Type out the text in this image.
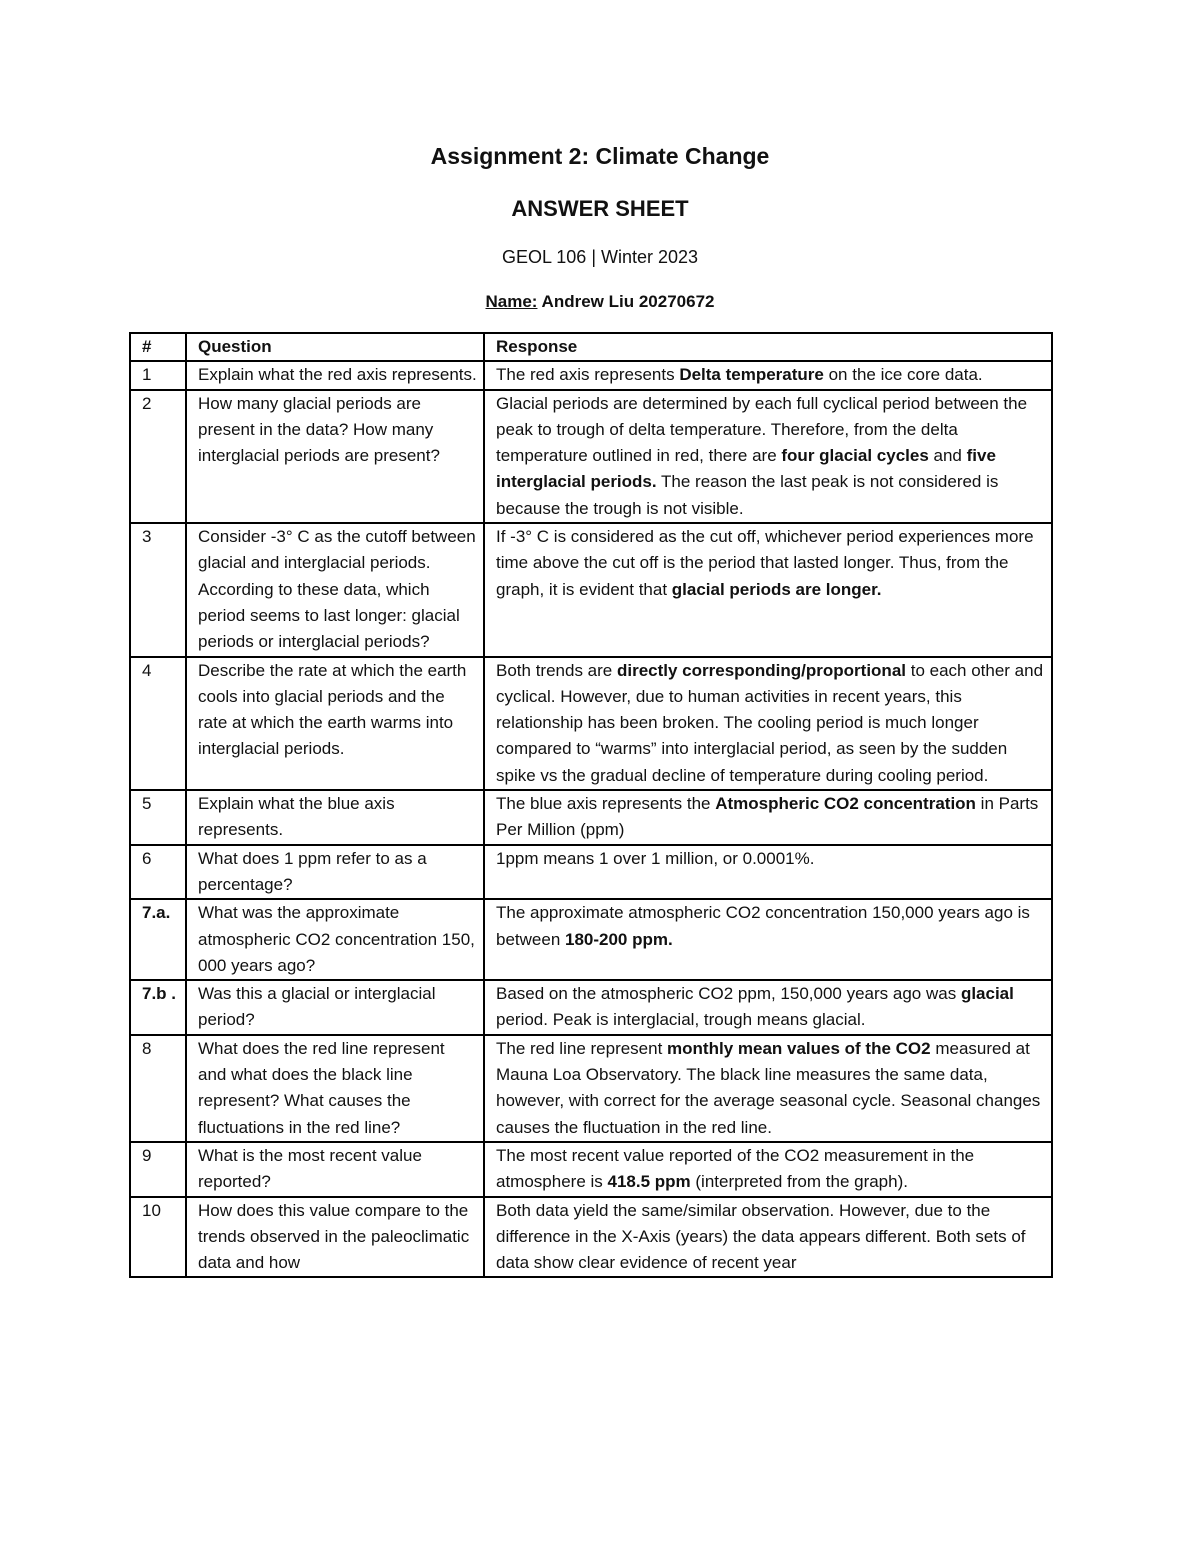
Assignment 2: Climate Change
ANSWER SHEET
GEOL 106 | Winter 2023
Name: Andrew Liu 20270672
#	Question	Response
1	Explain what the red axis represents.	The red axis represents Delta temperature on the ice core data.
2	How many glacial periods are present in the data? How many interglacial periods are present?	Glacial periods are determined by each full cyclical period between the peak to trough of delta temperature. Therefore, from the delta temperature outlined in red, there are four glacial cycles and five interglacial periods. The reason the last peak is not considered is because the trough is not visible.
3	Consider -3° C as the cutoff between glacial and interglacial periods. According to these data, which period seems to last longer: glacial periods or interglacial periods?	If -3° C is considered as the cut off, whichever period experiences more time above the cut off is the period that lasted longer. Thus, from the graph, it is evident that glacial periods are longer.
4	Describe the rate at which the earth cools into glacial periods and the rate at which the earth warms into interglacial periods.	Both trends are directly corresponding/proportional to each other and cyclical. However, due to human activities in recent years, this relationship has been broken. The cooling period is much longer compared to “warms” into interglacial period, as seen by the sudden spike vs the gradual decline of temperature during cooling period.
5	Explain what the blue axis represents.	The blue axis represents the Atmospheric CO2 concentration in Parts Per Million (ppm)
6	What does 1 ppm refer to as a percentage?	1ppm means 1 over 1 million, or 0.0001%.
7.a.	What was the approximate atmospheric CO2 concentration 150, 000 years ago?	The approximate atmospheric CO2 concentration 150,000 years ago is between 180-200 ppm.
7.b .	Was this a glacial or interglacial period?	Based on the atmospheric CO2 ppm, 150,000 years ago was glacial period. Peak is interglacial, trough means glacial.
8	What does the red line represent and what does the black line represent? What causes the fluctuations in the red line?	The red line represent monthly mean values of the CO2 measured at Mauna Loa Observatory. The black line measures the same data, however, with correct for the average seasonal cycle. Seasonal changes causes the fluctuation in the red line.
9	What is the most recent value reported?	The most recent value reported of the CO2 measurement in the atmosphere is 418.5 ppm (interpreted from the graph).
10	How does this value compare to the trends observed in the paleoclimatic data and how	Both data yield the same/similar observation. However, due to the difference in the X-Axis (years) the data appears different. Both sets of data show clear evidence of recent year
